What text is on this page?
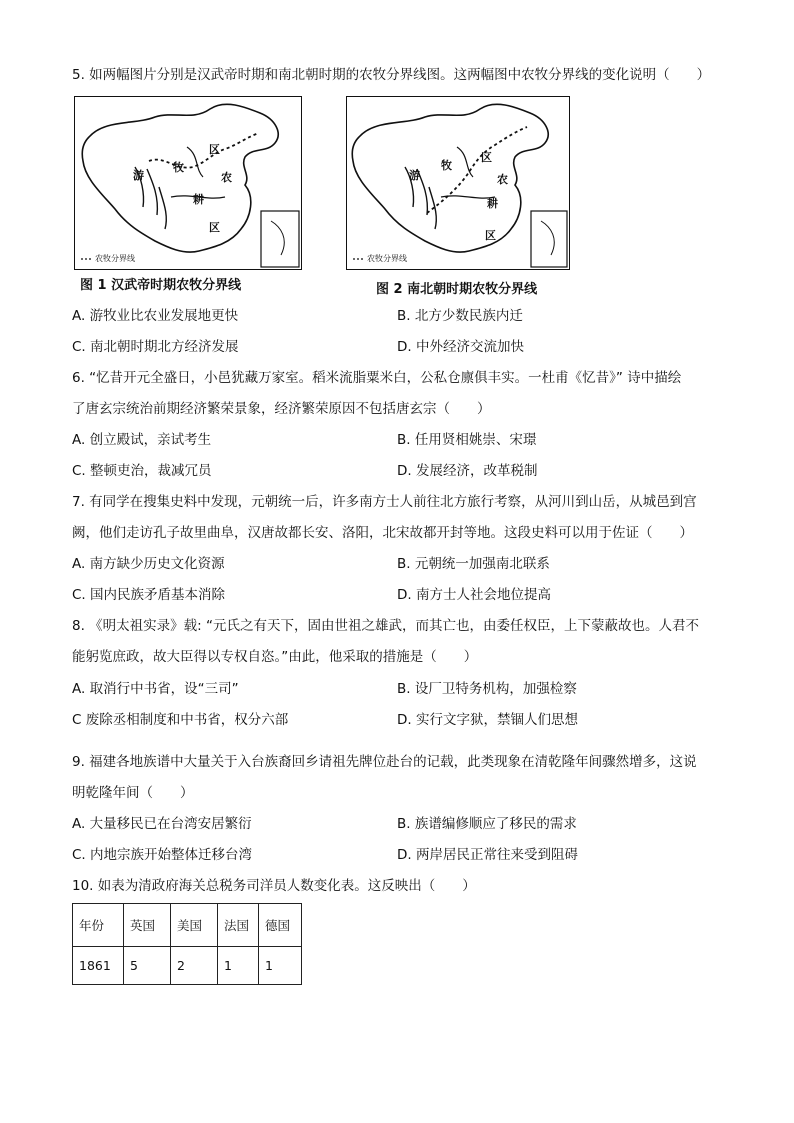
5. 如两幅图片分别是汉武帝时期和南北朝时期的农牧分界线图。这两幅图中农牧分界线的变化说明（　　）
游
牧
区
农
耕
区
农牧分界线
图 1 汉武帝时期农牧分界线
游
牧
区
农
耕
区
农牧分界线
图 2 南北朝时期农牧分界线
A. 游牧业比农业发展地更快	B. 北方少数民族内迁
C. 南北朝时期北方经济发展	D. 中外经济交流加快
6. “忆昔开元全盛日，小邑犹藏万家室。稻米流脂粟米白，公私仓廪俱丰实。一杜甫《忆昔》” 诗中描绘
了唐玄宗统治前期经济繁荣景象，经济繁荣原因不包括唐玄宗（　　）
A. 创立殿试，亲试考生	B. 任用贤相姚崇、宋璟
C. 整顿吏治，裁减冗员	D. 发展经济，改革税制
7. 有同学在搜集史料中发现，元朝统一后，许多南方士人前往北方旅行考察，从河川到山岳，从城邑到宫
阙，他们走访孔子故里曲阜，汉唐故都长安、洛阳，北宋故都开封等地。这段史料可以用于佐证（　　）
A. 南方缺少历史文化资源	B. 元朝统一加强南北联系
C. 国内民族矛盾基本消除	D. 南方士人社会地位提高
8. 《明太祖实录》载: “元氏之有天下，固由世祖之雄武，而其亡也，由委任权臣，上下蒙蔽故也。人君不
能躬览庶政，故大臣得以专权自恣。”由此，他采取的措施是（　　）
A. 取消行中书省，设“三司”	B. 设厂卫特务机构，加强检察
C 废除丞相制度和中书省，权分六部	D. 实行文字狱，禁锢人们思想
9. 福建各地族谱中大量关于入台族裔回乡请祖先牌位赴台的记载，此类现象在清乾隆年间骤然增多，这说
明乾隆年间（　　）
A. 大量移民已在台湾安居繁衍	B. 族谱编修顺应了移民的需求
C. 内地宗族开始整体迁移台湾	D. 两岸居民正常往来受到阻碍
10. 如表为清政府海关总税务司洋员人数变化表。这反映出（　　）
年份	英国	美国	法国	德国
1861	5	2	1	1
